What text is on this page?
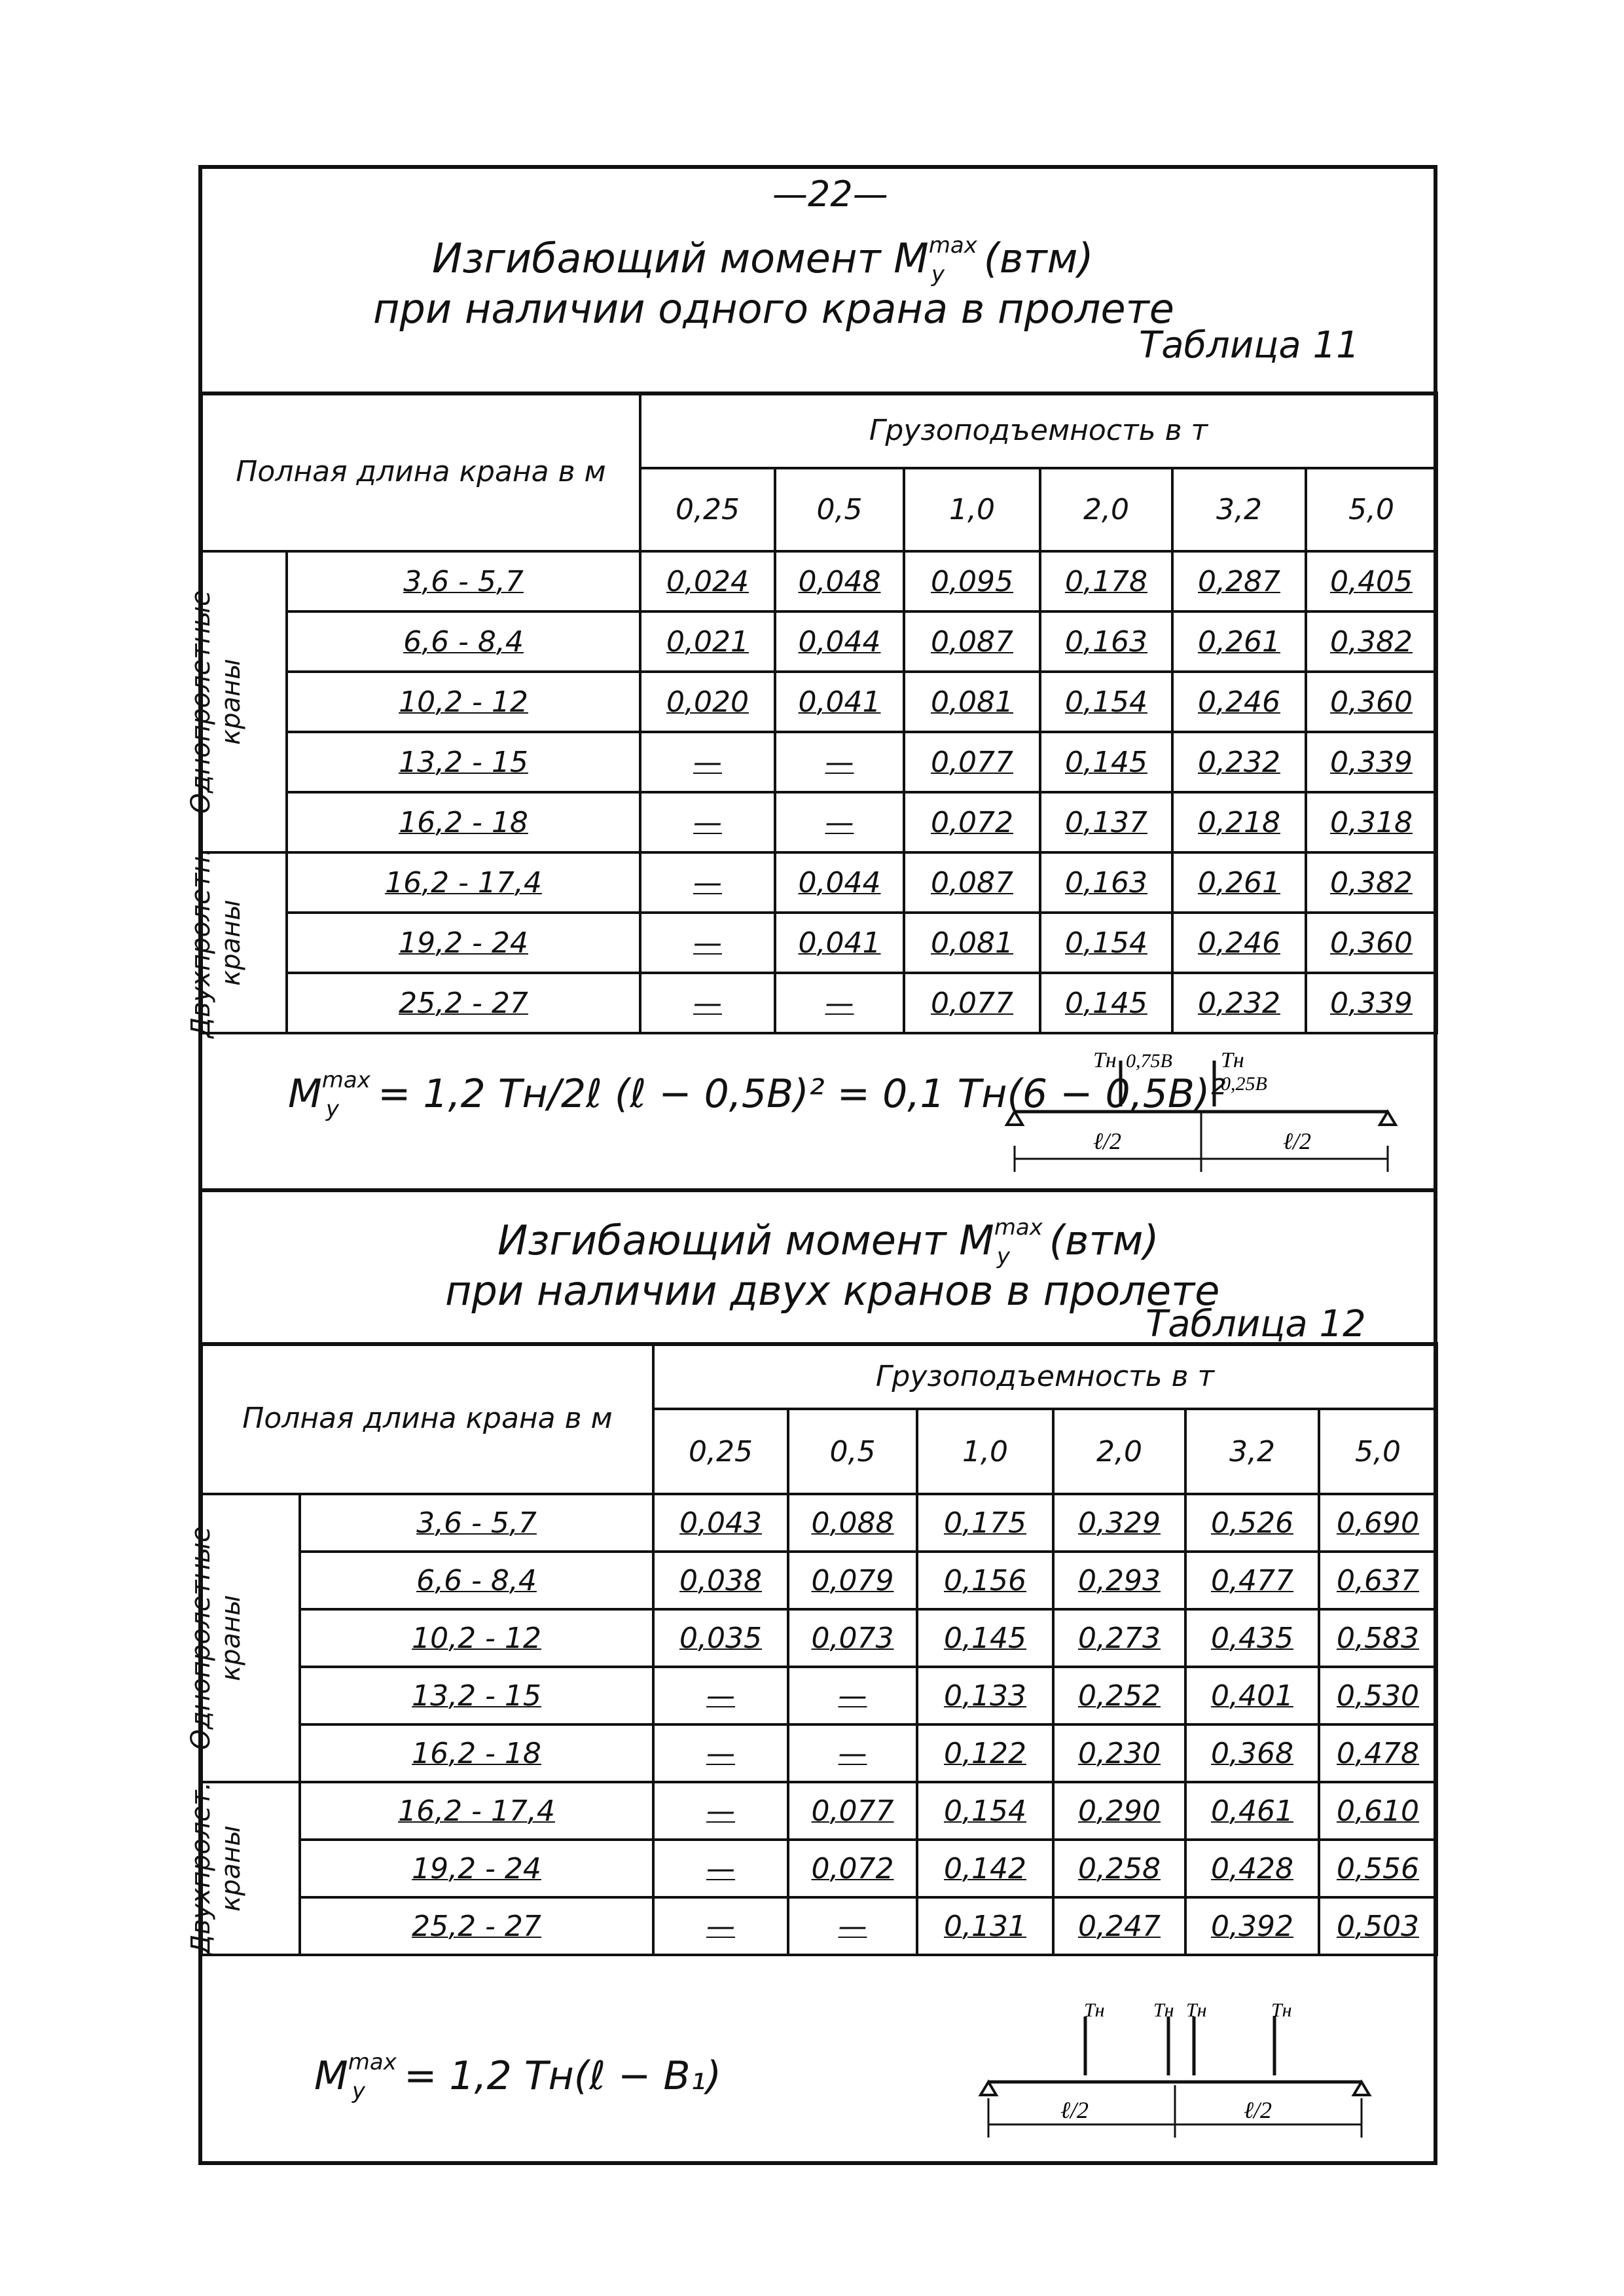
—22—
Изгибающий момент $M^{max}_y$ (втм)
при наличии одного крана в пролете
Таблица 11
Полная длина крана в м		Грузоподъемность в т					
		0,25	0,5	1,0	2,0	3,2	5,0

Однопролетные краны	3,6 - 5,7	0,024	0,048	0,095	0,178	0,287	0,405
	6,6 - 8,4	0,021	0,044	0,087	0,163	0,261	0,382
	10,2 - 12	0,020	0,041	0,081	0,154	0,246	0,360
	13,2 - 15	—	—	0,077	0,145	0,232	0,339
	16,2 - 18	—	—	0,072	0,137	0,218	0,318

Двухпролетн. краны	16,2 - 17,4	—	0,044	0,087	0,163	0,261	0,382
	19,2 - 24	—	0,041	0,081	0,154	0,246	0,360
	25,2 - 27	—	—	0,077	0,145	0,232	0,339
$M^{max}_y = 1,2$ Tн/2ℓ (ℓ − 0,5B)² = 0,1 Tн(6 − 0,5B)²
Tн	Tн
0,75B
0,25B
ℓ/2	ℓ/2
Изгибающий момент $M^{max}_y$ (втм)
при наличии двух кранов в пролете
Таблица 12
Полная длина крана в м		Грузоподъемность в т					
		0,25	0,5	1,0	2,0	3,2	5,0

Однопролетные краны	3,6 - 5,7	0,043	0,088	0,175	0,329	0,526	0,690
	6,6 - 8,4	0,038	0,079	0,156	0,293	0,477	0,637
	10,2 - 12	0,035	0,073	0,145	0,273	0,435	0,583
	13,2 - 15	—	—	0,133	0,252	0,401	0,530
	16,2 - 18	—	—	0,122	0,230	0,368	0,478

Двухпролет. краны	16,2 - 17,4	—	0,077	0,154	0,290	0,461	0,610
	19,2 - 24	—	0,072	0,142	0,258	0,428	0,556
	25,2 - 27	—	—	0,131	0,247	0,392	0,503
$M^{max}_y = 1,2$ Tн(ℓ − B₁)
Tн Tн Tн	Tн
ℓ/2	ℓ/2
